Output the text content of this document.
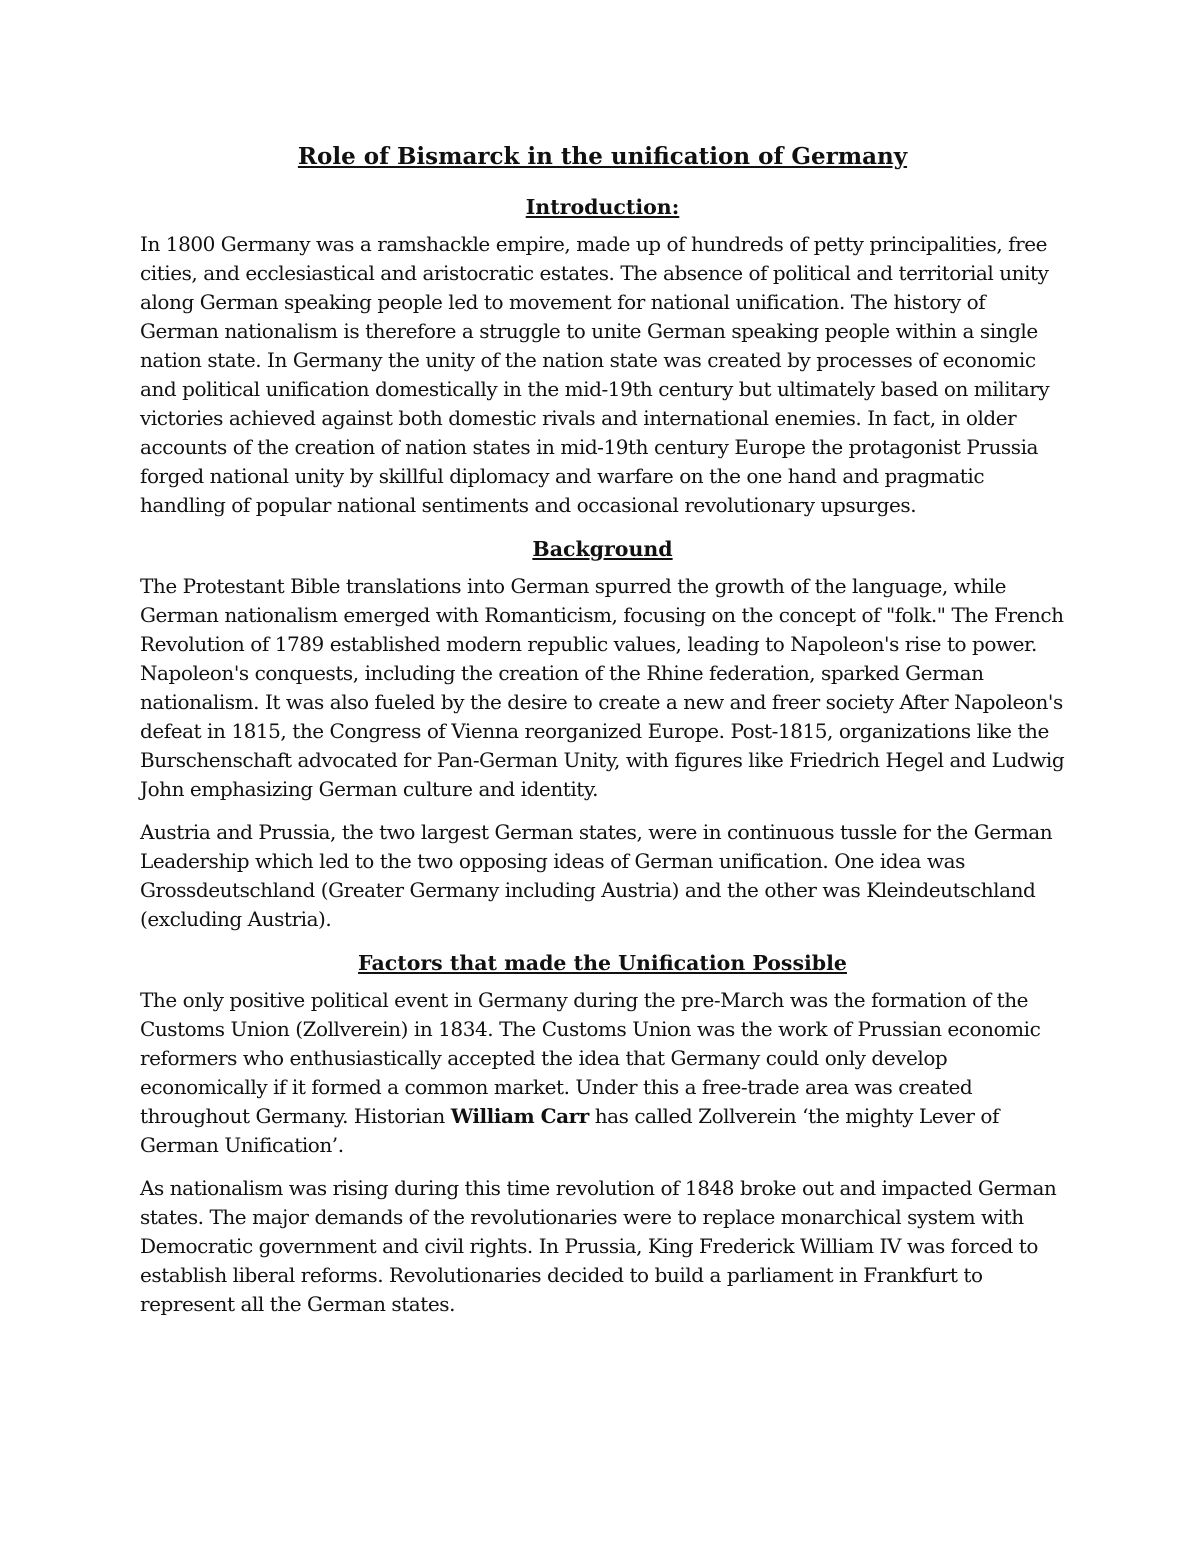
Role of Bismarck in the unification of Germany
Introduction:

In 1800 Germany was a ramshackle empire, made up of hundreds of petty principalities, free cities, and ecclesiastical and aristocratic estates. The absence of political and territorial unity along German speaking people led to movement for national unification. The history of German nationalism is therefore a struggle to unite German speaking people within a single nation state. In Germany the unity of the nation state was created by processes of economic and political unification domestically in the mid-19th century but ultimately based on military victories achieved against both domestic rivals and international enemies. In fact, in older accounts of the creation of nation states in mid-19th century Europe the protagonist Prussia forged national unity by skillful diplomacy and warfare on the one hand and pragmatic handling of popular national sentiments and occasional revolutionary upsurges.

Background

The Protestant Bible translations into German spurred the growth of the language, while German nationalism emerged with Romanticism, focusing on the concept of "folk." The French Revolution of 1789 established modern republic values, leading to Napoleon's rise to power. Napoleon's conquests, including the creation of the Rhine federation, sparked German nationalism. It was also fueled by the desire to create a new and freer society After Napoleon's defeat in 1815, the Congress of Vienna reorganized Europe. Post-1815, organizations like the Burschenschaft advocated for Pan-German Unity, with figures like Friedrich Hegel and Ludwig John emphasizing German culture and identity.

Austria and Prussia, the two largest German states, were in continuous tussle for the German Leadership which led to the two opposing ideas of German unification. One idea was Grossdeutschland (Greater Germany including Austria) and the other was Kleindeutschland (excluding Austria).

Factors that made the Unification Possible

The only positive political event in Germany during the pre-March was the formation of the Customs Union (Zollverein) in 1834. The Customs Union was the work of Prussian economic reformers who enthusiastically accepted the idea that Germany could only develop economically if it formed a common market. Under this a free-trade area was created throughout Germany. Historian William Carr has called Zollverein ‘the mighty Lever of German Unification’.

As nationalism was rising during this time revolution of 1848 broke out and impacted German states. The major demands of the revolutionaries were to replace monarchical system with Democratic government and civil rights. In Prussia, King Frederick William IV was forced to establish liberal reforms. Revolutionaries decided to build a parliament in Frankfurt to represent all the German states.
